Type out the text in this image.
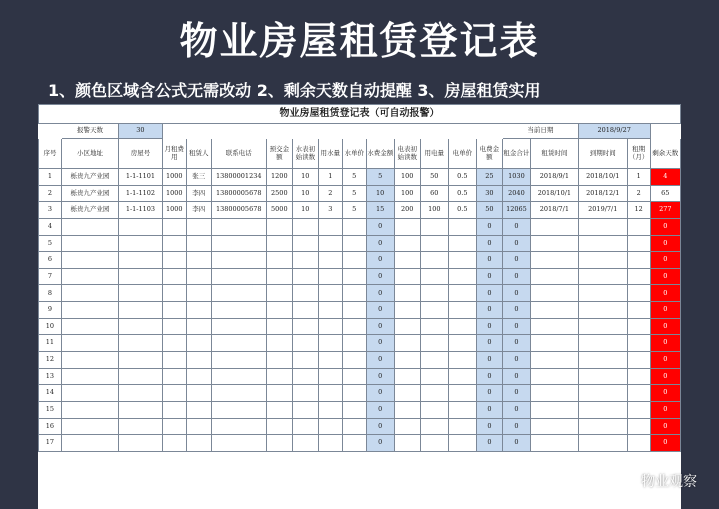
物业房屋租赁登记表
1、颜色区域含公式无需改动 2、剩余天数自动提醒 3、房屋租赁实用
物业房屋租赁登记表（可自动报警）																			
	报警天数	30													当前日期		2018/9/27		
序号	小区地址	房屋号	月租费用	租赁人	联系电话	预交金额	水表初始读数	用水量	水单价	水费金额	电表初始读数	用电量	电单价	电费金额	租金合计	租赁时间	到期时间	租期（月）	剩余天数
1	栎贵九产业园	1-1-1101	1000	张三	13800001234	1200	10	1	5	5	100	50	0.5	25	1030	2018/9/1	2018/10/1	1	4
2	栎贵九产业园	1-1-1102	1000	李四	13800005678	2500	10	2	5	10	100	60	0.5	30	2040	2018/10/1	2018/12/1	2	65
3	栎贵九产业园	1-1-1103	1000	李四	13800005678	5000	10	3	5	15	200	100	0.5	50	12065	2018/7/1	2019/7/1	12	277
4										0				0	0				0
5										0				0	0				0
6										0				0	0				0
7										0				0	0				0
8										0				0	0				0
9										0				0	0				0
10										0				0	0				0
11										0				0	0				0
12										0				0	0				0
13										0				0	0				0
14										0				0	0				0
15										0				0	0				0
16										0				0	0				0
17										0				0	0				0
物业观察
